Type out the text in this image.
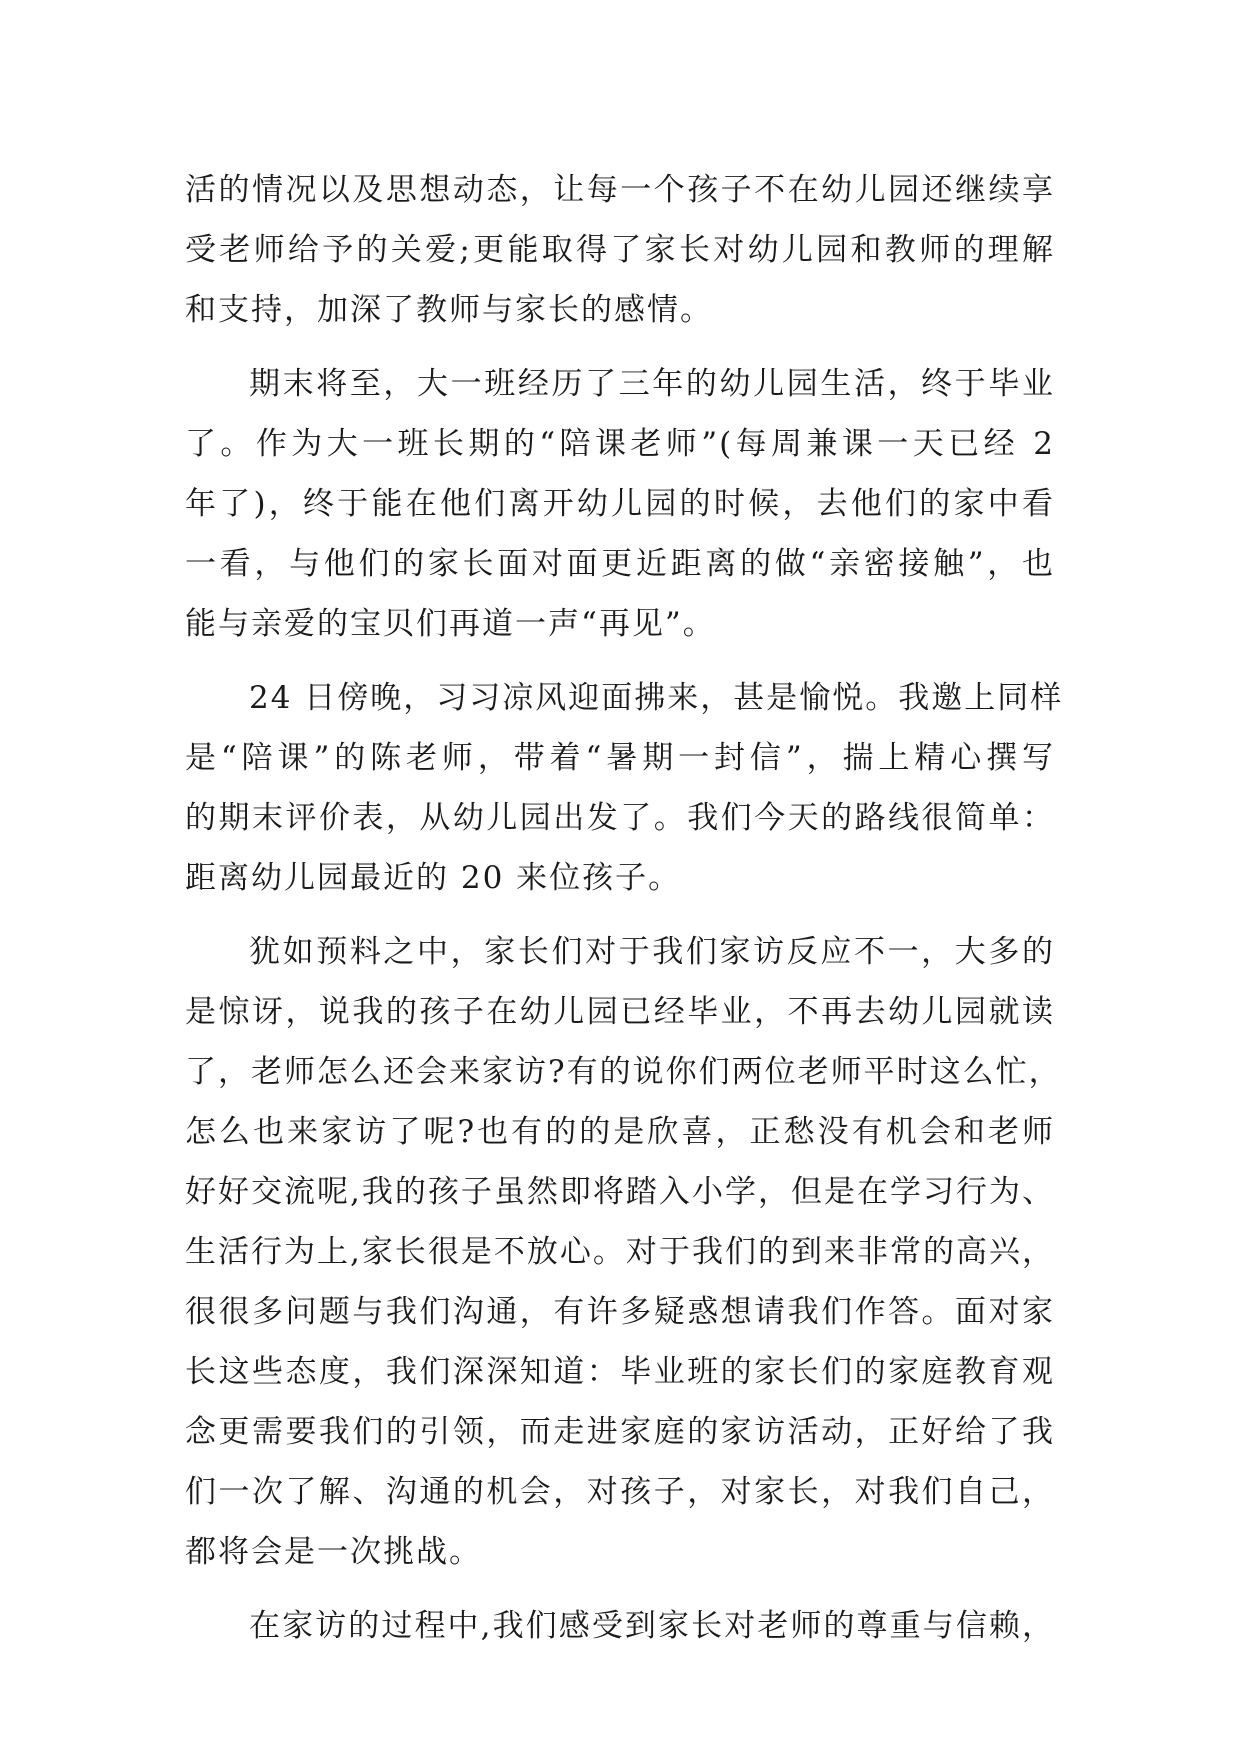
活的情况以及思想动态，让每一个孩子不在幼儿园还继续享
受老师给予的关爱;更能取得了家长对幼儿园和教师的理解
和支持，加深了教师与家长的感情。
期末将至，大一班经历了三年的幼儿园生活，终于毕业
了。作为大一班长期的“陪课老师”(每周兼课一天已经 2
年了)，终于能在他们离开幼儿园的时候，去他们的家中看
一看，与他们的家长面对面更近距离的做“亲密接触”，也
能与亲爱的宝贝们再道一声“再见”。
24 日傍晚，习习凉风迎面拂来，甚是愉悦。我邀上同样
是“陪课”的陈老师，带着“暑期一封信”，揣上精心撰写
的期末评价表，从幼儿园出发了。我们今天的路线很简单：
距离幼儿园最近的 20 来位孩子。
犹如预料之中，家长们对于我们家访反应不一，大多的
是惊讶，说我的孩子在幼儿园已经毕业，不再去幼儿园就读
了，老师怎么还会来家访?有的说你们两位老师平时这么忙，
怎么也来家访了呢?也有的的是欣喜，正愁没有机会和老师
好好交流呢,我的孩子虽然即将踏入小学，但是在学习行为、
生活行为上,家长很是不放心。对于我们的到来非常的高兴，
很很多问题与我们沟通，有许多疑惑想请我们作答。面对家
长这些态度，我们深深知道：毕业班的家长们的家庭教育观
念更需要我们的引领，而走进家庭的家访活动，正好给了我
们一次了解、沟通的机会，对孩子，对家长，对我们自己，
都将会是一次挑战。
在家访的过程中,我们感受到家长对老师的尊重与信赖，
